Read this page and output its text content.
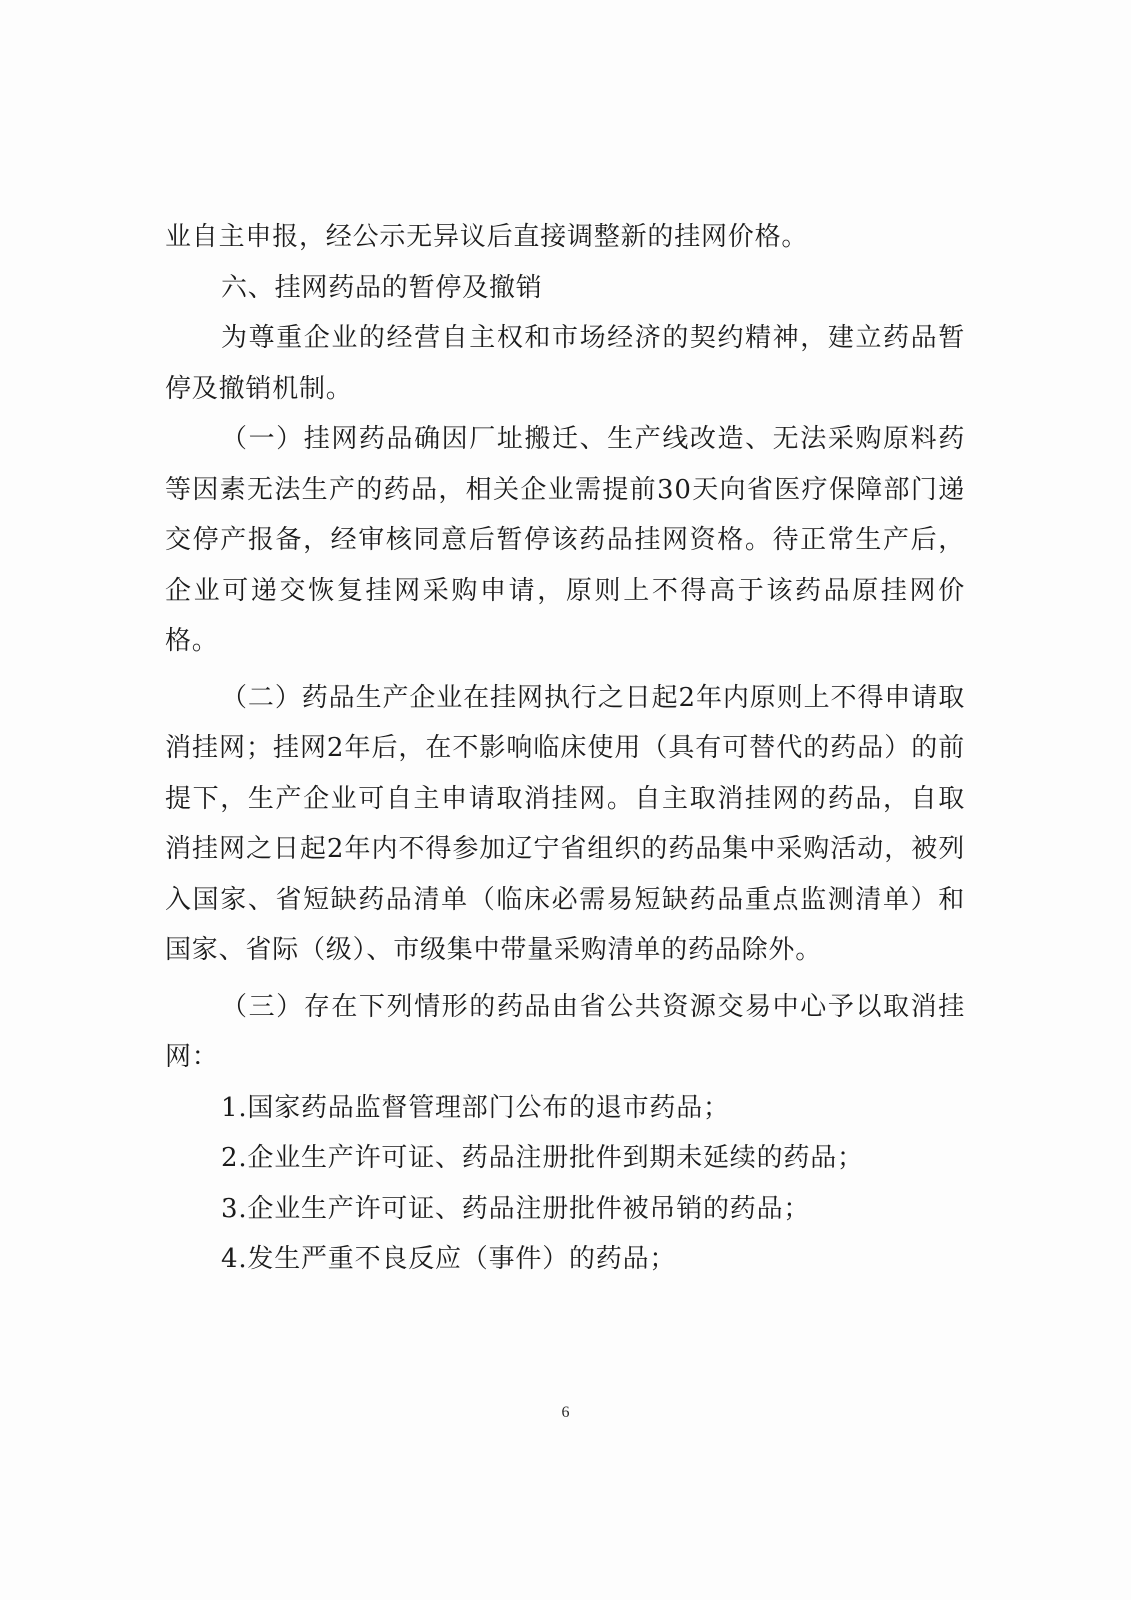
业自主申报，经公示无异议后直接调整新的挂网价格。

六、挂网药品的暂停及撤销

为尊重企业的经营自主权和市场经济的契约精神，建立药品暂停及撤销机制。

（一）挂网药品确因厂址搬迁、生产线改造、无法采购原料药等因素无法生产的药品，相关企业需提前30天向省医疗保障部门递交停产报备，经审核同意后暂停该药品挂网资格。待正常生产后，企业可递交恢复挂网采购申请，原则上不得高于该药品原挂网价格。

（二）药品生产企业在挂网执行之日起2年内原则上不得申请取消挂网；挂网2年后，在不影响临床使用（具有可替代的药品）的前提下，生产企业可自主申请取消挂网。自主取消挂网的药品，自取消挂网之日起2年内不得参加辽宁省组织的药品集中采购活动，被列入国家、省短缺药品清单（临床必需易短缺药品重点监测清单）和国家、省际（级）、市级集中带量采购清单的药品除外。

（三）存在下列情形的药品由省公共资源交易中心予以取消挂网：

1.国家药品监督管理部门公布的退市药品；

2.企业生产许可证、药品注册批件到期未延续的药品；

3.企业生产许可证、药品注册批件被吊销的药品；

4.发生严重不良反应（事件）的药品；

6
